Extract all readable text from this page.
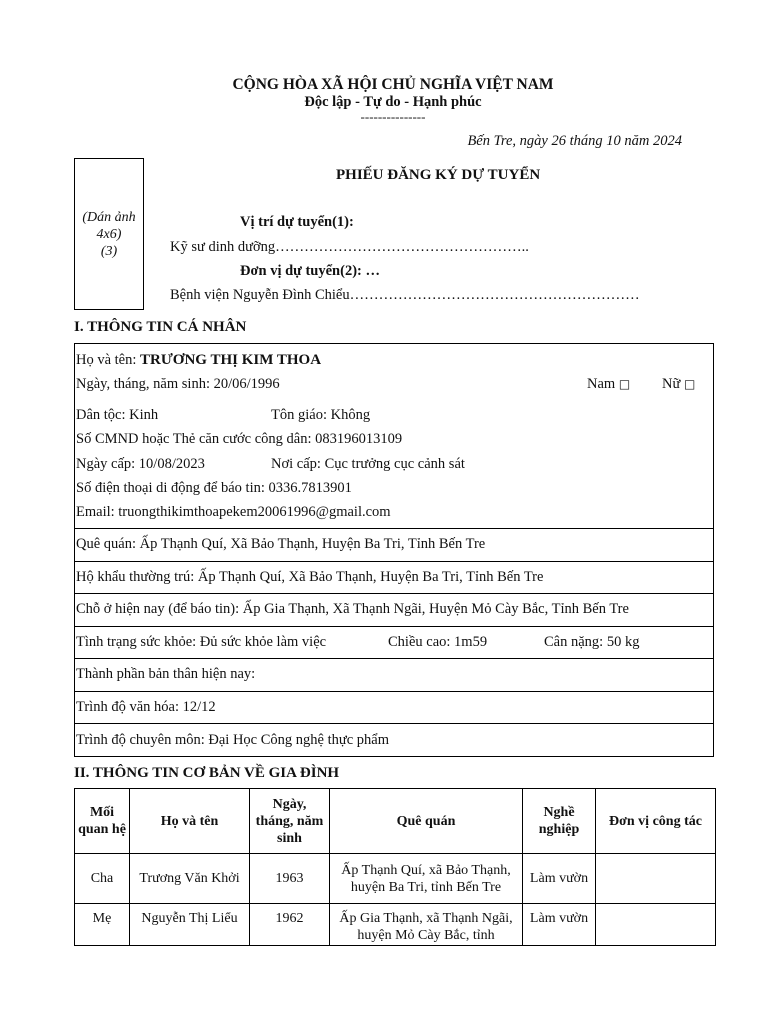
CỘNG HÒA XÃ HỘI CHỦ NGHĨA VIỆT NAM
Độc lập - Tự do - Hạnh phúc
---------------
Bến Tre, ngày 26 tháng 10 năm 2024
(Dán ảnh
4x6)
(3)
PHIẾU ĐĂNG KÝ DỰ TUYỂN
Vị trí dự tuyển(1):
Kỹ sư dinh dưỡng……………………………………………..
Đơn vị dự tuyển(2): …
Bệnh viện Nguyễn Đình Chiểu……………………………………………………
I. THÔNG TIN CÁ NHÂN
Họ và tên: TRƯƠNG THỊ KIM THOA
Ngày, tháng, năm sinh: 20/06/1996	Nam □ Nữ □
Dân tộc: Kinh	Tôn giáo: Không
Số CMND hoặc Thẻ căn cước công dân: 083196013109
Ngày cấp: 10/08/2023	Nơi cấp: Cục trưởng cục cảnh sát
Số điện thoại di động để báo tin: 0336.7813901
Email: truongthikimthoapekem20061996@gmail.com
Quê quán: Ấp Thạnh Quí, Xã Bảo Thạnh, Huyện Ba Tri, Tỉnh Bến Tre
Hộ khẩu thường trú: Ấp Thạnh Quí, Xã Bảo Thạnh, Huyện Ba Tri, Tỉnh Bến Tre
Chỗ ở hiện nay (để báo tin): Ấp Gia Thạnh, Xã Thạnh Ngãi, Huyện Mỏ Cày Bắc, Tỉnh Bến Tre
Tình trạng sức khỏe: Đủ sức khỏe làm việc	Chiều cao: 1m59	Cân nặng: 50 kg
Thành phần bản thân hiện nay:
Trình độ văn hóa: 12/12
Trình độ chuyên môn: Đại Học Công nghệ thực phẩm
II. THÔNG TIN CƠ BẢN VỀ GIA ĐÌNH
Mối quan hệ	Họ và tên	Ngày, tháng, năm sinh	Quê quán	Nghề nghiệp	Đơn vị công tác
Cha	Trương Văn Khởi	1963	Ấp Thạnh Quí, xã Bảo Thạnh, huyện Ba Tri, tỉnh Bến Tre	Làm vườn	
Mẹ	Nguyễn Thị Liểu	1962	Ấp Gia Thạnh, xã Thạnh Ngãi, huyện Mỏ Cày Bắc, tỉnh	Làm vườn	
